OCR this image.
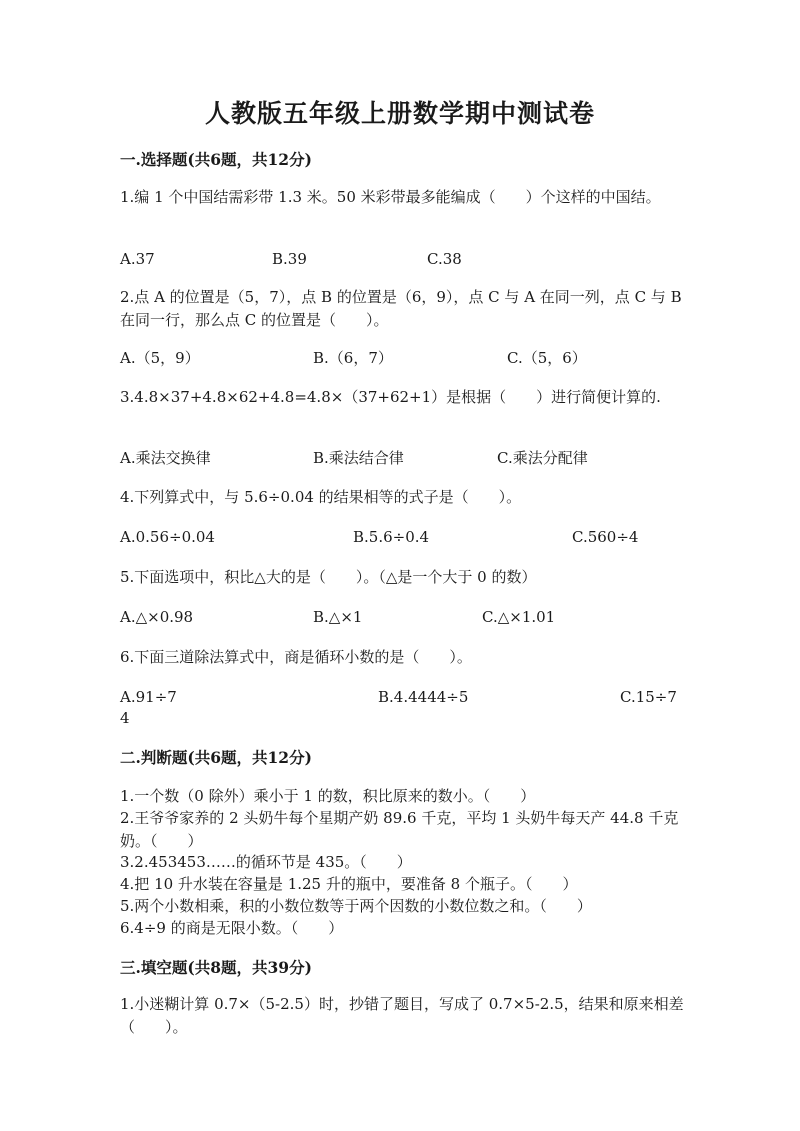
人教版五年级上册数学期中测试卷
一.选择题(共6题，共12分)
1.编 1 个中国结需彩带 1.3 米。50 米彩带最多能编成（　　）个这样的中国结。
A.37	B.39	C.38
2.点 A 的位置是（5，7），点 B 的位置是（6，9），点 C 与 A 在同一列，点 C 与 B 在同一行，那么点 C 的位置是（　　）。
A.（5，9）	B.（6，7）	C.（5，6）
3.4.8×37+4.8×62+4.8=4.8×（37+62+1）是根据（　　）进行简便计算的.
A.乘法交换律	B.乘法结合律	C.乘法分配律
4.下列算式中，与 5.6÷0.04 的结果相等的式子是（　　）。
A.0.56÷0.04	B.5.6÷0.4	C.560÷4
5.下面选项中，积比△大的是（　　）。（△是一个大于 0 的数）
A.△×0.98	B.△×1	C.△×1.01
6.下面三道除法算式中，商是循环小数的是（　　）。
A.91÷7	B.4.4444÷5	C.15÷7
4
二.判断题(共6题，共12分)
1.一个数（0 除外）乘小于 1 的数，积比原来的数小。（　　）
2.王爷爷家养的 2 头奶牛每个星期产奶 89.6 千克，平均 1 头奶牛每天产 44.8 千克奶。（　　）
3.2.453453……的循环节是 435。（　　）
4.把 10 升水装在容量是 1.25 升的瓶中，要准备 8 个瓶子。（　　）
5.两个小数相乘，积的小数位数等于两个因数的小数位数之和。（　　）
6.4÷9 的商是无限小数。（　　）
三.填空题(共8题，共39分)
1.小迷糊计算 0.7×（5-2.5）时，抄错了题目，写成了 0.7×5-2.5，结果和原来相差（　　）。
